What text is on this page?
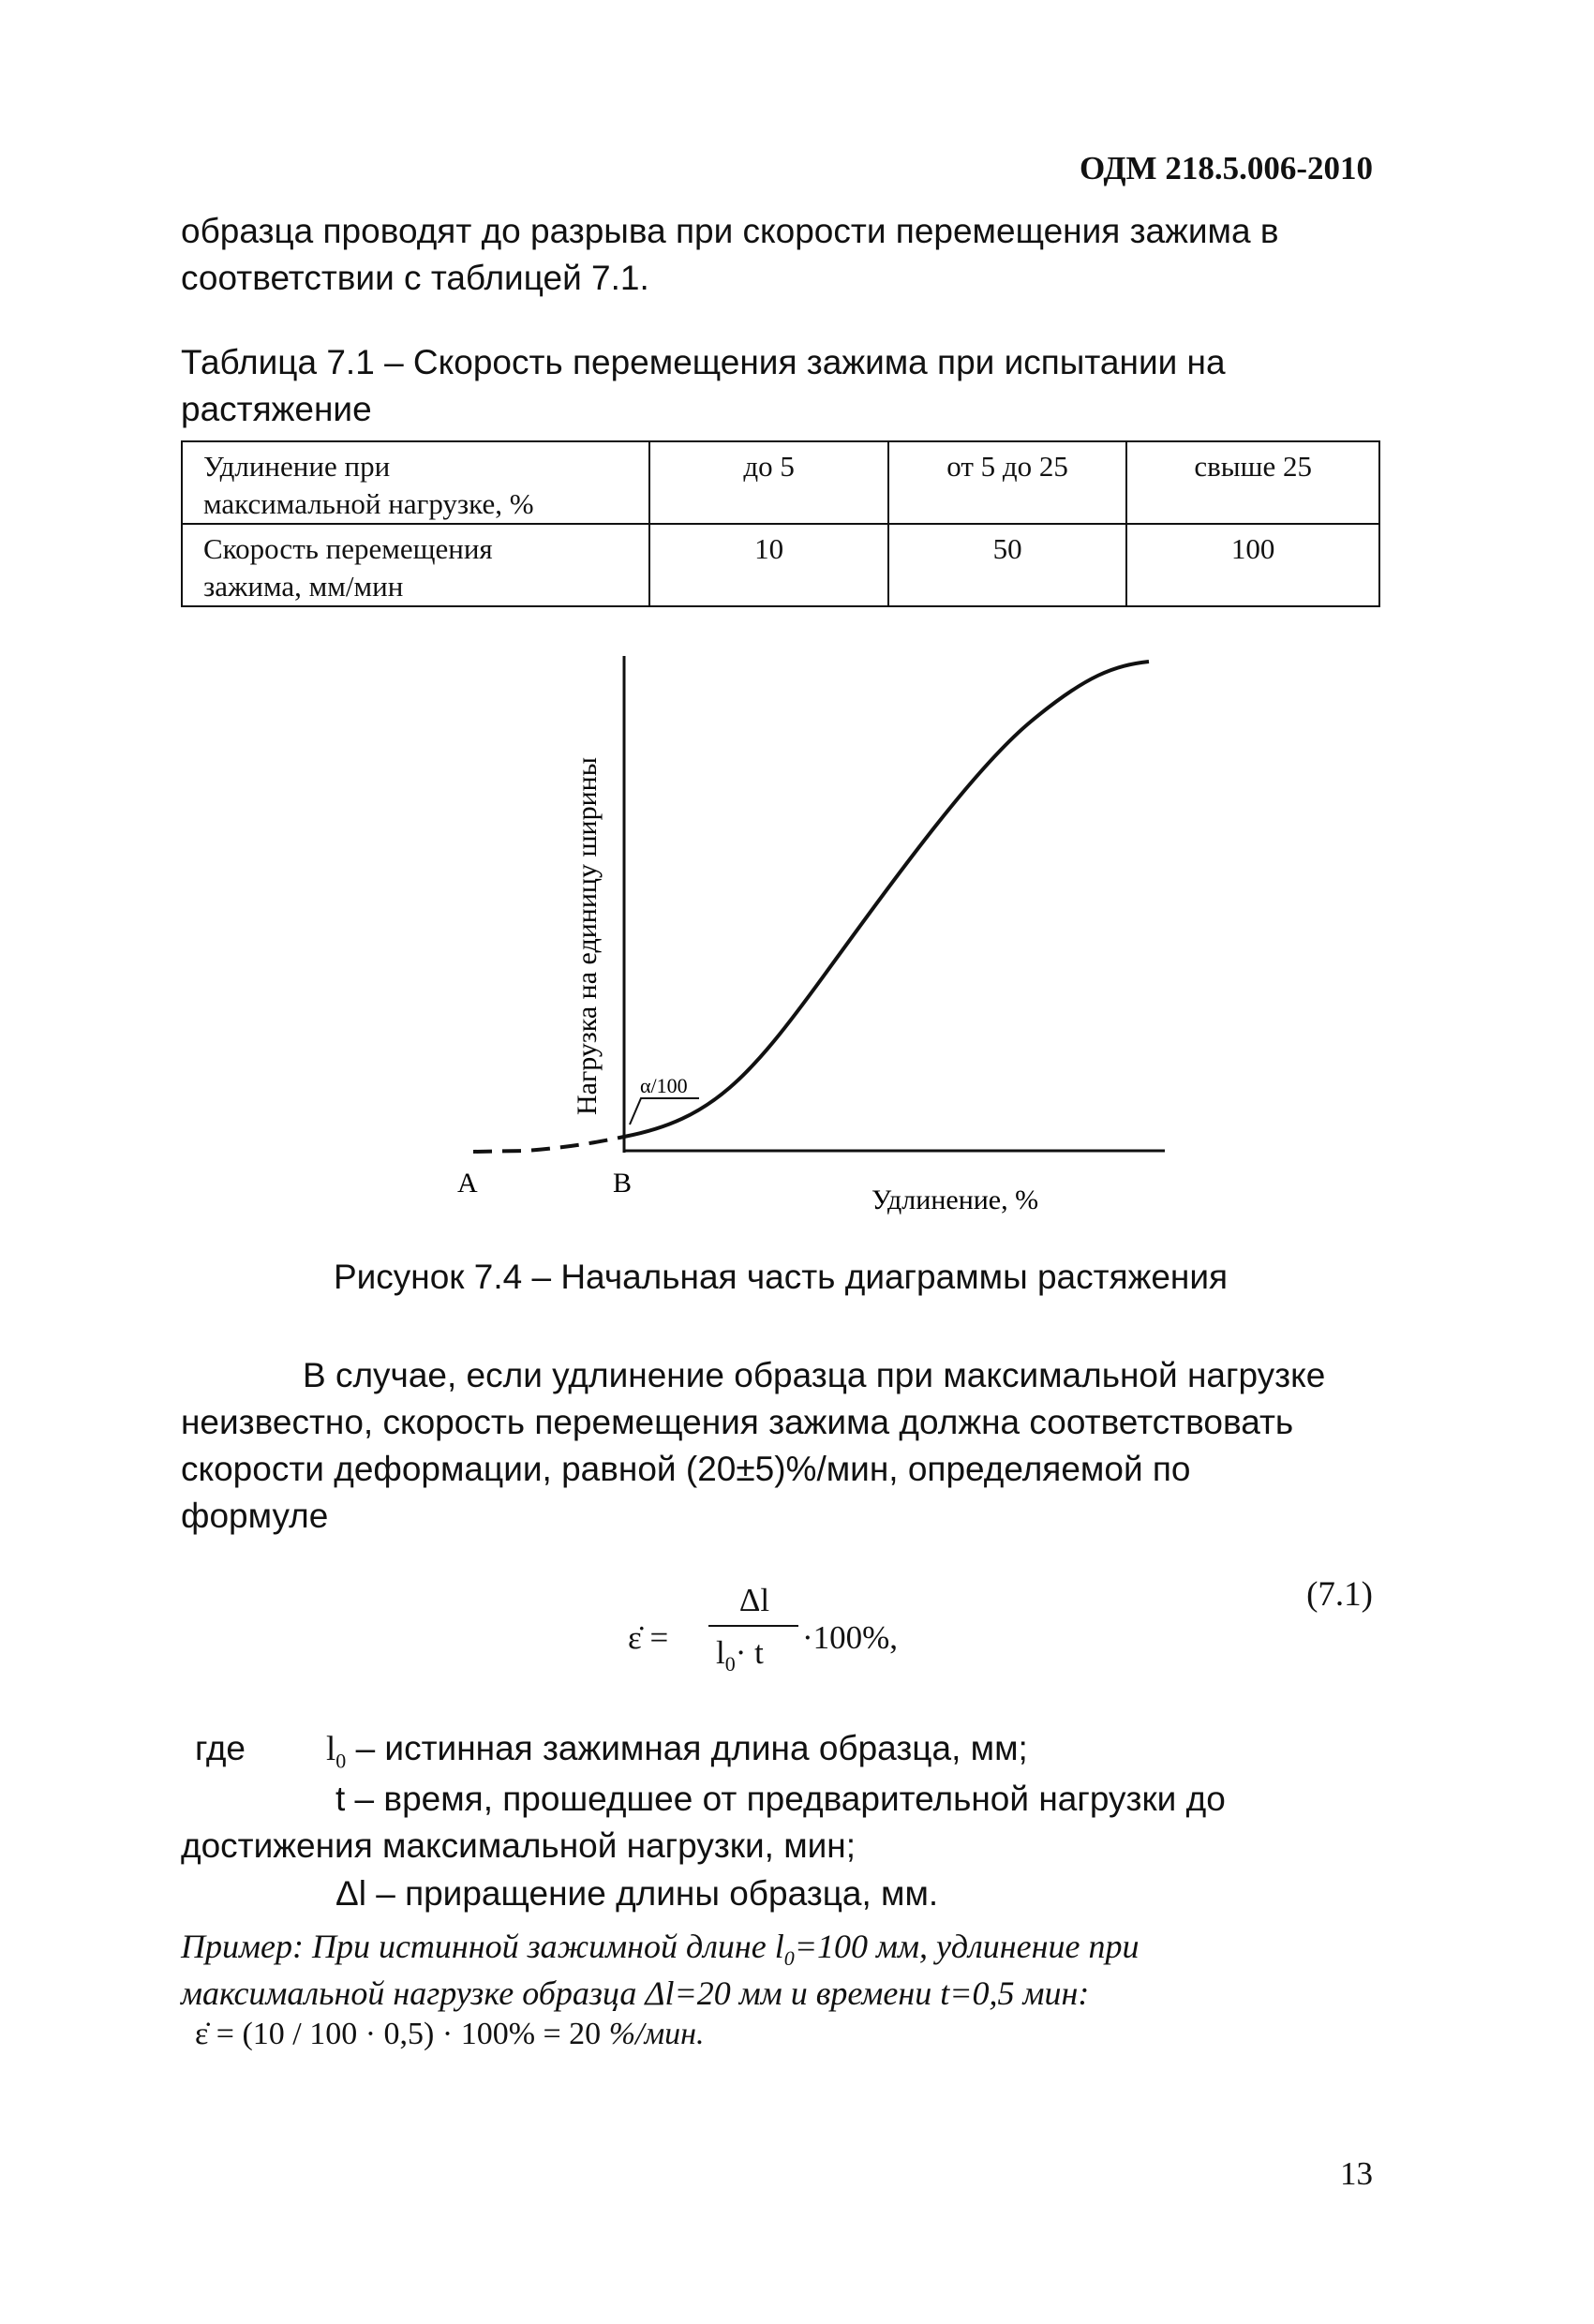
ОДМ 218.5.006-2010
образца проводят до разрыва при скорости перемещения зажима в
соответствии с таблицей 7.1.
Таблица 7.1 – Скорость перемещения зажима при испытании на
растяжение
Удлинение при
максимальной нагрузке, %	до 5	от 5 до 25	свыше 25
Скорость перемещения
зажима, мм/мин	10	50	100
α/100
Нагрузка на единицу ширины
Удлинение, %
A	B
Рисунок 7.4 – Начальная часть диаграммы растяжения
В случае, если удлинение образца при максимальной нагрузке
неизвестно, скорость перемещения зажима должна соответствовать
скорости деформации, равной (20±5)%/мин, определяемой по
формуле
ε̇ =
Δl
$l_0\cdot t \cdot 100\%$,
(7.1)
где $l_0$ – истинная зажимная длина образца, мм;
t – время, прошедшее от предварительной нагрузки до
достижения максимальной нагрузки, мин;
Δl – приращение длины образца, мм.
Пример: При истинной зажимной длине $l_0=100$ мм, удлинение при
максимальной нагрузке образца Δl=20 мм и времени t=0,5 мин:
ε̇ = (10 / 100 · 0,5) · 100% = 20 %/мин.
13
